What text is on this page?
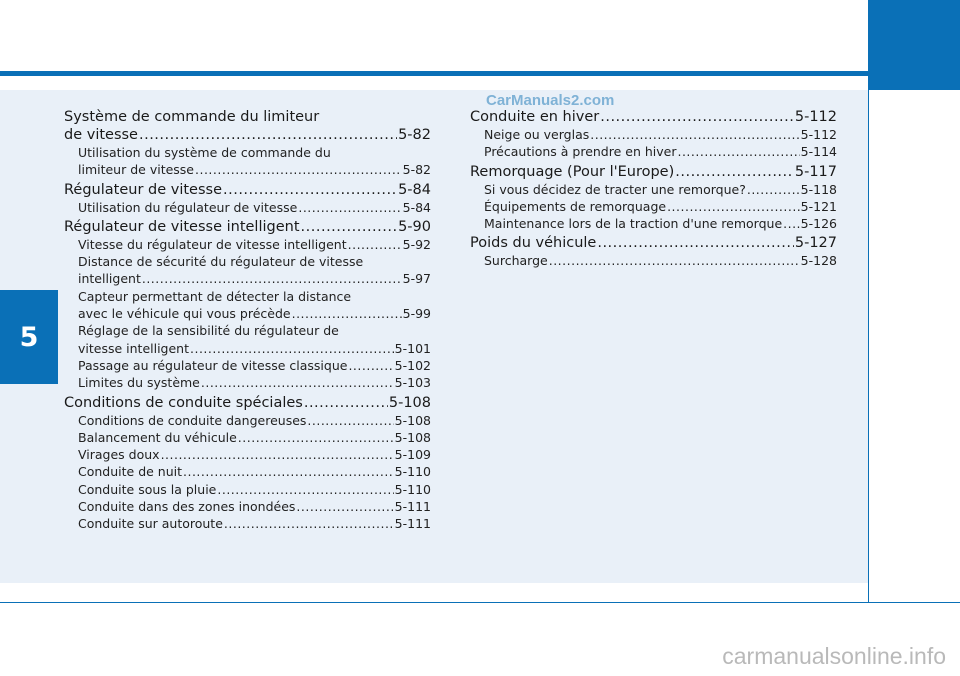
5
CarManuals2.com
carmanualsonline.info
Système de commande du limiteur
de vitesse .....	5-82
Utilisation du système de commande du
limiteur de vitesse .....	5-82
Régulateur de vitesse .....	5-84
Utilisation du régulateur de vitesse .....	5-84
Régulateur de vitesse intelligent .....	5-90
Vitesse du régulateur de vitesse intelligent .....	5-92
Distance de sécurité du régulateur de vitesse
intelligent .....	5-97
Capteur permettant de détecter la distance
avec le véhicule qui vous précède .....	5-99
Réglage de la sensibilité du régulateur de
vitesse intelligent .....	5-101
Passage au régulateur de vitesse classique .....	5-102
Limites du système .....	5-103
Conditions de conduite spéciales .....	5-108
Conditions de conduite dangereuses .....	5-108
Balancement du véhicule .....	5-108
Virages doux .....	5-109
Conduite de nuit .....	5-110
Conduite sous la pluie .....	5-110
Conduite dans des zones inondées .....	5-111
Conduite sur autoroute .....	5-111
Conduite en hiver .....	5-112
Neige ou verglas .....	5-112
Précautions à prendre en hiver .....	5-114
Remorquage (Pour l'Europe) .....	5-117
Si vous décidez de tracter une remorque? .....	5-118
Équipements de remorquage .....	5-121
Maintenance lors de la traction d'une remorque ..... 5-126
Poids du véhicule .....	5-127
Surcharge .....	5-128
